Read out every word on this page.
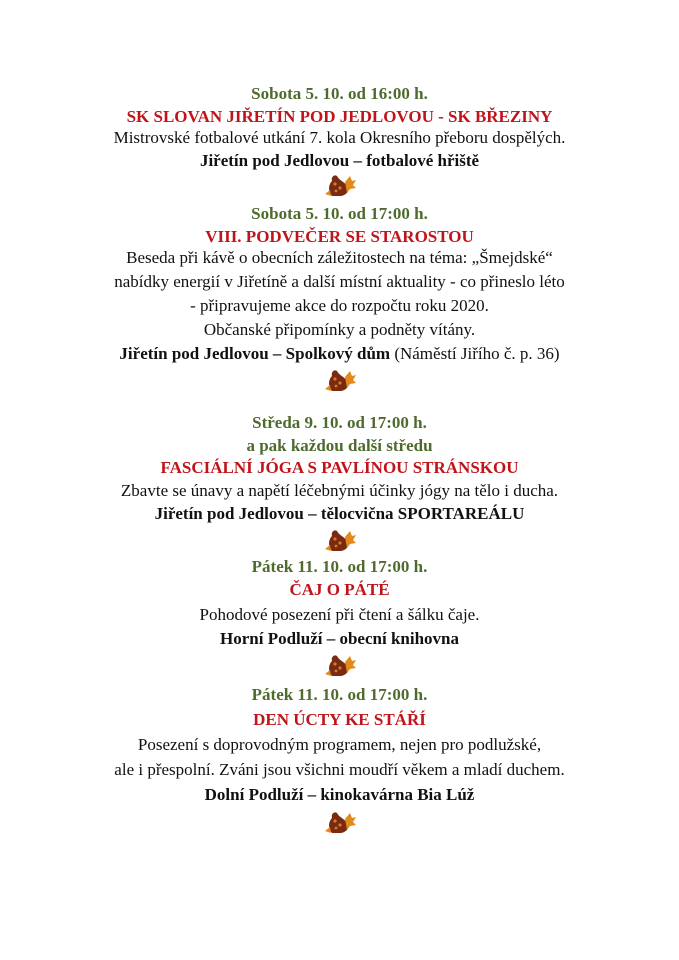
Sobota 5. 10. od 16:00 h.
SK SLOVAN JIŘETÍN POD JEDLOVOU - SK BŘEZINY
Mistrovské fotbalové utkání 7. kola Okresního přeboru dospělých.
Jiřetín pod Jedlovou – fotbalové hřiště
Sobota 5. 10. od 17:00 h.
VIII. PODVEČER SE STAROSTOU
Beseda při kávě o obecních záležitostech na téma: „Šmejdské“
nabídky energií v Jiřetíně a další místní aktuality - co přineslo léto
- připravujeme akce do rozpočtu roku 2020.
Občanské připomínky a podněty vítány.
Jiřetín pod Jedlovou – Spolkový dům (Náměstí Jiřího č. p. 36)
Středa 9. 10. od 17:00 h.
a pak každou další středu
FASCIÁLNÍ JÓGA S PAVLÍNOU STRÁNSKOU
Zbavte se únavy a napětí léčebnými účinky jógy na tělo i ducha.
Jiřetín pod Jedlovou – tělocvična SPORTAREÁLU
Pátek 11. 10. od 17:00 h.
ČAJ O PÁTÉ
Pohodové posezení při čtení a šálku čaje.
Horní Podluží – obecní knihovna
Pátek 11. 10. od 17:00 h.
DEN ÚCTY KE STÁŘÍ
Posezení s doprovodným programem, nejen pro podlužské,
ale i přespolní. Zváni jsou všichni moudří věkem a mladí duchem.
Dolní Podluží – kinokavárna Bia Lúž
